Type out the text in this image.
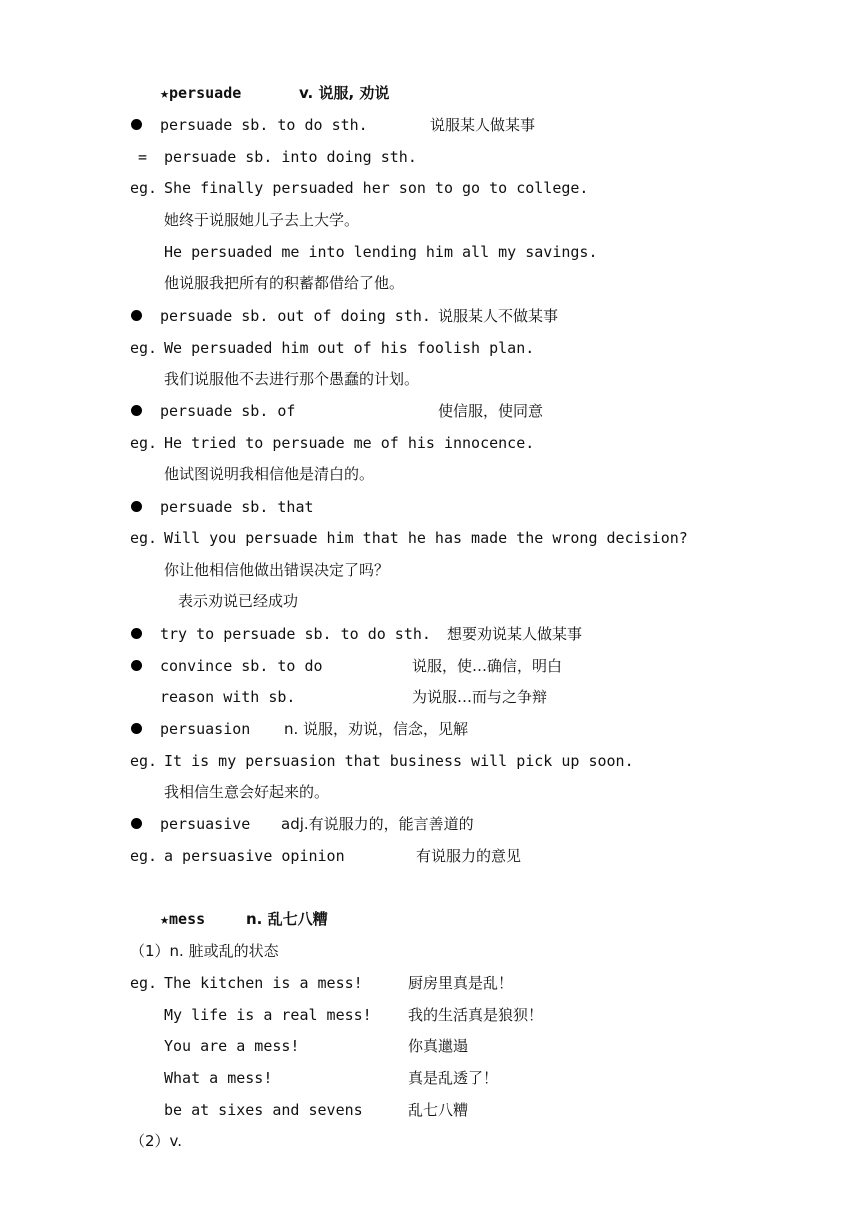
★persuade	v. 说服, 劝说
persuade sb. to do sth.	说服某人做某事
= persuade sb. into doing sth.
eg. She finally persuaded her son to go to college.
她终于说服她儿子去上大学。
He persuaded me into lending him all my savings.
他说服我把所有的积蓄都借给了他。
persuade sb. out of doing sth. 说服某人不做某事
eg. We persuaded him out of his foolish plan.
我们说服他不去进行那个愚蠢的计划。
persuade sb. of	使信服，使同意
eg. He tried to persuade me of his innocence.
他试图说明我相信他是清白的。
persuade sb. that
eg. Will you persuade him that he has made the wrong decision?
你让他相信他做出错误决定了吗？
表示劝说已经成功
try to persuade sb. to do sth. 想要劝说某人做某事
convince sb. to do	说服，使…确信，明白
reason with sb.	为说服…而与之争辩
persuasion n. 说服，劝说，信念，见解
eg. It is my persuasion that business will pick up soon.
我相信生意会好起来的。
persuasive adj.有说服力的，能言善道的
eg. a persuasive opinion	有说服力的意见
★mess	n. 乱七八糟
（1）n. 脏或乱的状态
eg. The kitchen is a mess!	厨房里真是乱！
My life is a real mess! 我的生活真是狼狈！
You are a mess!	你真邋遢
What a mess!	真是乱透了！
be at sixes and sevens	乱七八糟
（2）v.
